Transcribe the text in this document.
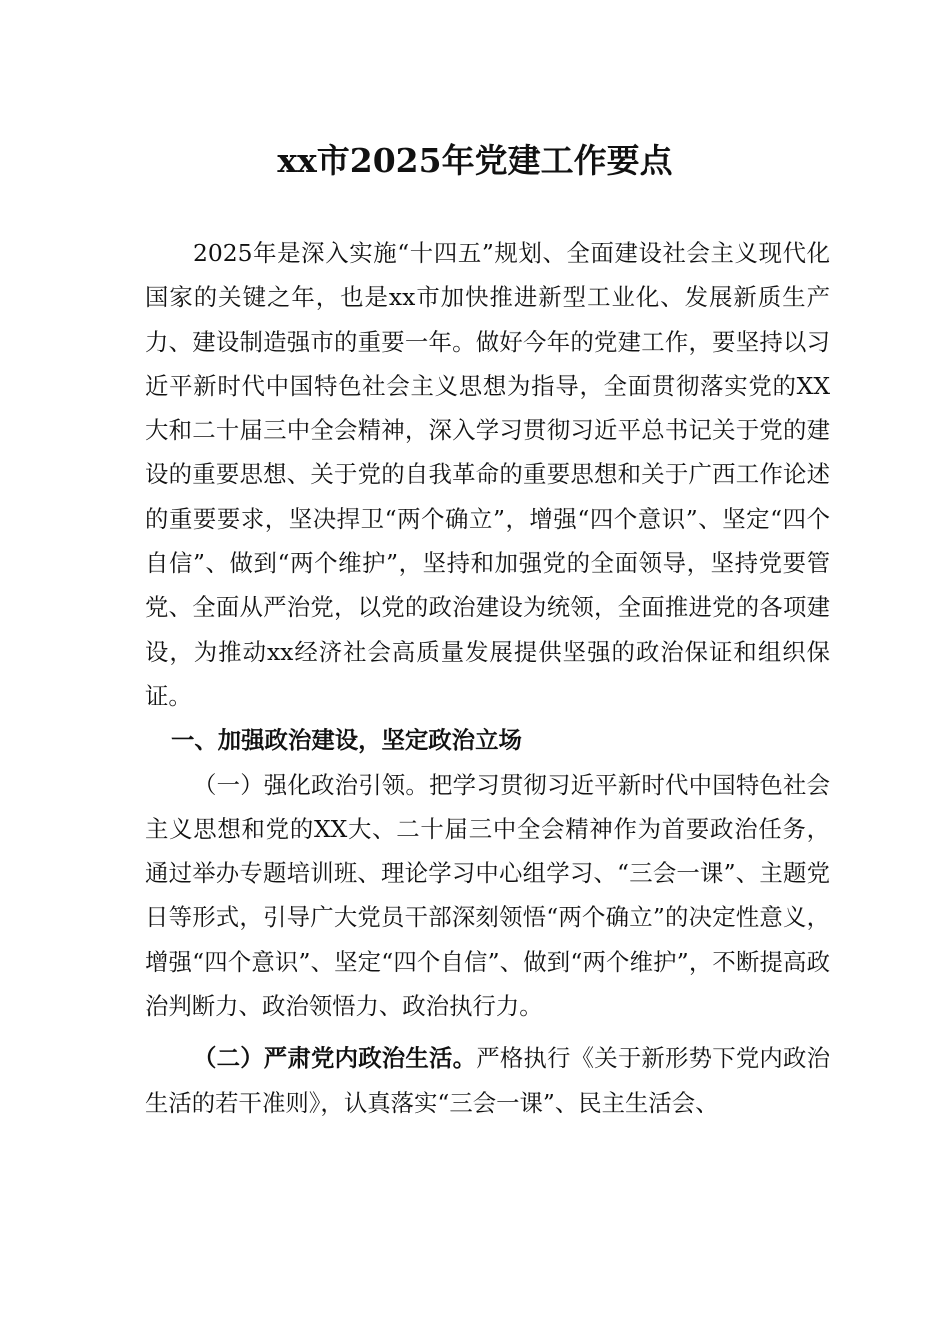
xx市2025年党建工作要点

2025年是深入实施“十四五”规划、全面建设社会主义现代化国家的关键之年，也是xx市加快推进新型工业化、发展新质生产力、建设制造强市的重要一年。做好今年的党建工作，要坚持以习近平新时代中国特色社会主义思想为指导，全面贯彻落实党的XX大和二十届三中全会精神，深入学习贯彻习近平总书记关于党的建设的重要思想、关于党的自我革命的重要思想和关于广西工作论述的重要要求，坚决捍卫“两个确立”，增强“四个意识”、坚定“四个自信”、做到“两个维护”，坚持和加强党的全面领导，坚持党要管党、全面从严治党，以党的政治建设为统领，全面推进党的各项建设，为推动xx经济社会高质量发展提供坚强的政治保证和组织保证。

一、加强政治建设，坚定政治立场

（一）强化政治引领。把学习贯彻习近平新时代中国特色社会主义思想和党的XX大、二十届三中全会精神作为首要政治任务，通过举办专题培训班、理论学习中心组学习、“三会一课”、主题党日等形式，引导广大党员干部深刻领悟“两个确立”的决定性意义，增强“四个意识”、坚定“四个自信”、做到“两个维护”，不断提高政治判断力、政治领悟力、政治执行力。

（二）严肃党内政治生活。严格执行《关于新形势下党内政治生活的若干准则》，认真落实“三会一课”、民主生活会、
